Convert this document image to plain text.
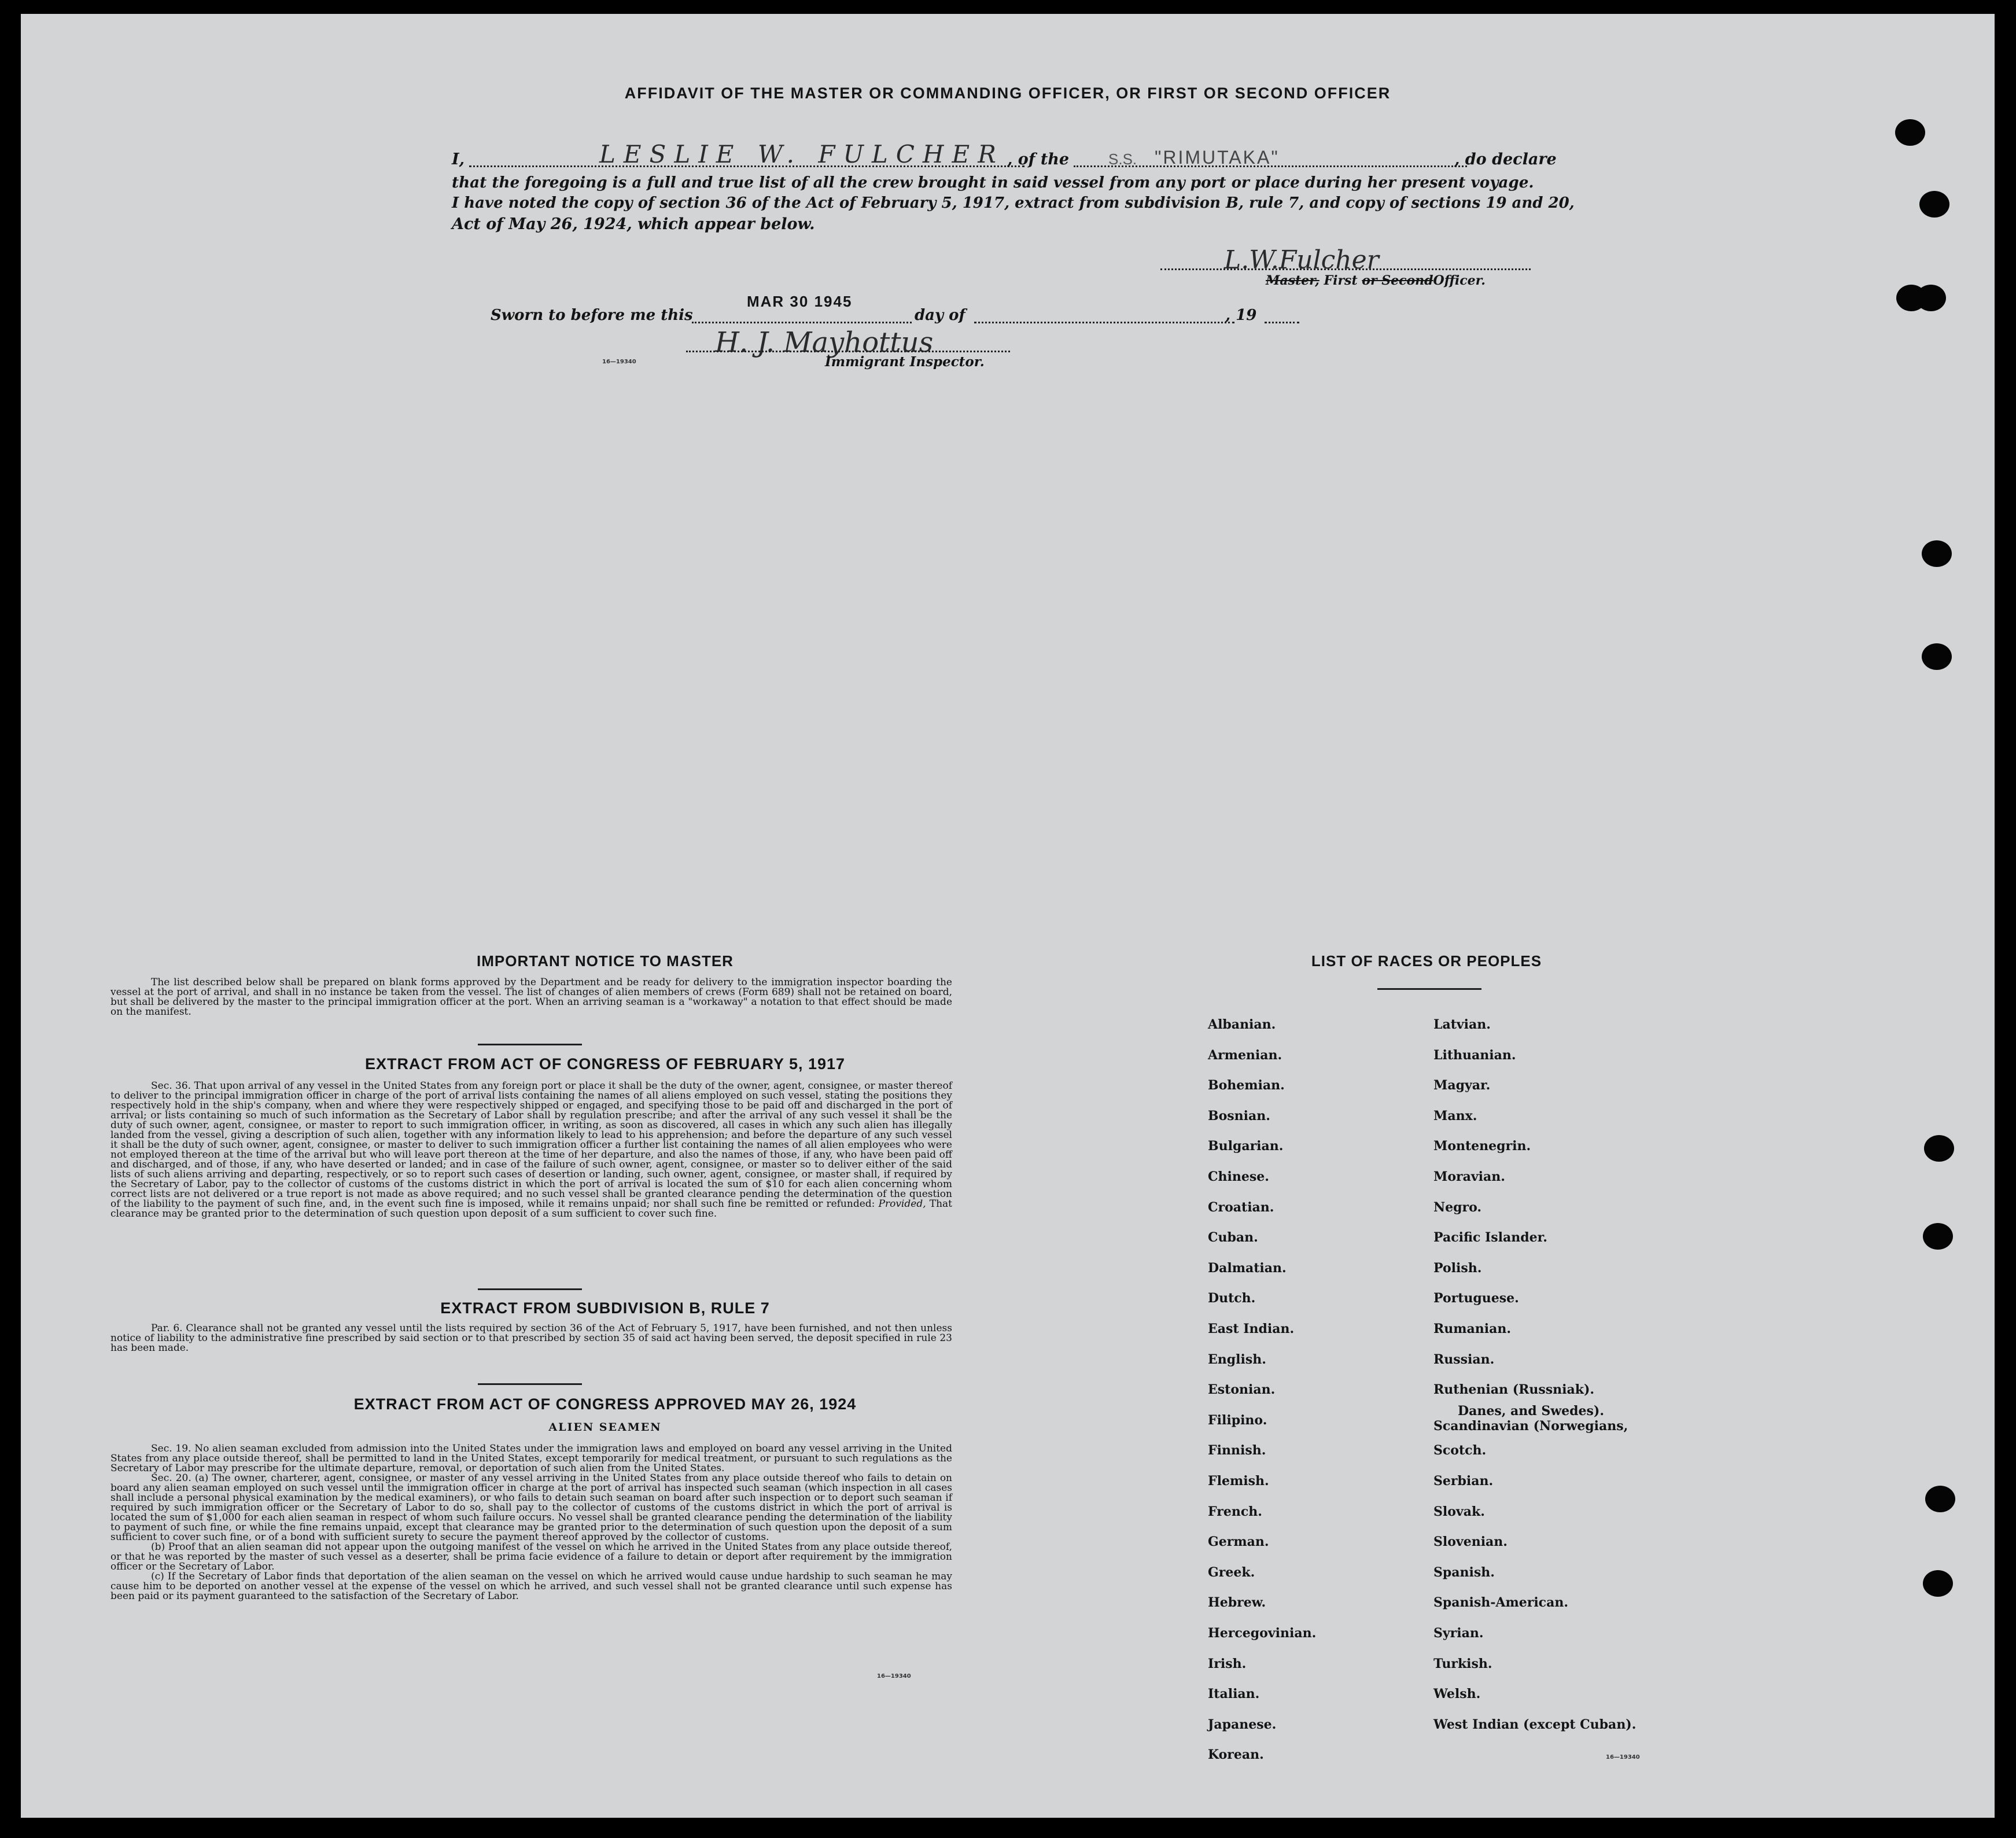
AFFIDAVIT OF THE MASTER OR COMMANDING OFFICER, OR FIRST OR SECOND OFFICER
I,	LESLIE W. FULCHER , of the	S.S. "RIMUTAKA"	, do declare
that the foregoing is a full and true list of all the crew brought in said vessel from any port or place during her present voyage.
I have noted the copy of section 36 of the Act of February 5, 1917, extract from subdivision B, rule 7, and copy of sections 19 and 20,
Act of May 26, 1924, which appear below.
L.W.Fulcher
Master, First or SecondOfficer.
Sworn to before me this
MAR 30 1945
day of	, 19
16—19340
H. J. Mayhottus
Immigrant Inspector.
IMPORTANT NOTICE TO MASTER

The list described below shall be prepared on blank forms approved by the Department and be ready for delivery to the immigration inspector boarding the vessel at the port of arrival, and shall in no instance be taken from the vessel. The list of changes of alien members of crews (Form 689) shall not be retained on board, but shall be delivered by the master to the principal immigration officer at the port. When an arriving seaman is a "workaway" a notation to that effect should be made on the manifest.

EXTRACT FROM ACT OF CONGRESS OF FEBRUARY 5, 1917

Sec. 36. That upon arrival of any vessel in the United States from any foreign port or place it shall be the duty of the owner, agent, consignee, or master thereof to deliver to the principal immigration officer in charge of the port of arrival lists containing the names of all aliens employed on such vessel, stating the positions they respectively hold in the ship's company, when and where they were respectively shipped or engaged, and specifying those to be paid off and discharged in the port of arrival; or lists containing so much of such information as the Secretary of Labor shall by regulation prescribe; and after the arrival of any such vessel it shall be the duty of such owner, agent, consignee, or master to report to such immigration officer, in writing, as soon as discovered, all cases in which any such alien has illegally landed from the vessel, giving a description of such alien, together with any information likely to lead to his apprehension; and before the departure of any such vessel it shall be the duty of such owner, agent, consignee, or master to deliver to such immigration officer a further list containing the names of all alien employees who were not employed thereon at the time of the arrival but who will leave port thereon at the time of her departure, and also the names of those, if any, who have been paid off and discharged, and of those, if any, who have deserted or landed; and in case of the failure of such owner, agent, consignee, or master so to deliver either of the said lists of such aliens arriving and departing, respectively, or so to report such cases of desertion or landing, such owner, agent, consignee, or master shall, if required by the Secretary of Labor, pay to the collector of customs of the customs district in which the port of arrival is located the sum of $10 for each alien concerning whom correct lists are not delivered or a true report is not made as above required; and no such vessel shall be granted clearance pending the determination of the question of the liability to the payment of such fine, and, in the event such fine is imposed, while it remains unpaid; nor shall such fine be remitted or refunded: Provided, That clearance may be granted prior to the determination of such question upon deposit of a sum sufficient to cover such fine.

EXTRACT FROM SUBDIVISION B, RULE 7

Par. 6. Clearance shall not be granted any vessel until the lists required by section 36 of the Act of February 5, 1917, have been furnished, and not then unless notice of liability to the administrative fine prescribed by said section or to that prescribed by section 35 of said act having been served, the deposit specified in rule 23 has been made.

EXTRACT FROM ACT OF CONGRESS APPROVED MAY 26, 1924
ALIEN SEAMEN

Sec. 19. No alien seaman excluded from admission into the United States under the immigration laws and employed on board any vessel arriving in the United States from any place outside thereof, shall be permitted to land in the United States, except temporarily for medical treatment, or pursuant to such regulations as the Secretary of Labor may prescribe for the ultimate departure, removal, or deportation of such alien from the United States.

Sec. 20. (a) The owner, charterer, agent, consignee, or master of any vessel arriving in the United States from any place outside thereof who fails to detain on board any alien seaman employed on such vessel until the immigration officer in charge at the port of arrival has inspected such seaman (which inspection in all cases shall include a personal physical examination by the medical examiners), or who fails to detain such seaman on board after such inspection or to deport such seaman if required by such immigration officer or the Secretary of Labor to do so, shall pay to the collector of customs of the customs district in which the port of arrival is located the sum of $1,000 for each alien seaman in respect of whom such failure occurs. No vessel shall be granted clearance pending the determination of the liability to payment of such fine, or while the fine remains unpaid, except that clearance may be granted prior to the determination of such question upon the deposit of a sum sufficient to cover such fine, or of a bond with sufficient surety to secure the payment thereof approved by the collector of customs.

(b) Proof that an alien seaman did not appear upon the outgoing manifest of the vessel on which he arrived in the United States from any place outside thereof, or that he was reported by the master of such vessel as a deserter, shall be prima facie evidence of a failure to detain or deport after requirement by the immigration officer or the Secretary of Labor.

(c) If the Secretary of Labor finds that deportation of the alien seaman on the vessel on which he arrived would cause undue hardship to such seaman he may cause him to be deported on another vessel at the expense of the vessel on which he arrived, and such vessel shall not be granted clearance until such expense has been paid or its payment guaranteed to the satisfaction of the Secretary of Labor.

16—19340
LIST OF RACES OR PEOPLES
Albanian.
Armenian.
Bohemian.
Bosnian.
Bulgarian.
Chinese.
Croatian.
Cuban.
Dalmatian.
Dutch.
East Indian.
English.
Estonian.
Filipino.
Finnish.
Flemish.
French.
German.
Greek.
Hebrew.
Hercegovinian.
Irish.
Italian.
Japanese.
Korean.
Latvian.
Lithuanian.
Magyar.
Manx.
Montenegrin.
Moravian.
Negro.
Pacific Islander.
Polish.
Portuguese.
Rumanian.
Russian.
Ruthenian (Russniak).
Scandinavian (Norwegians,
Danes, and Swedes).
Scotch.
Serbian.
Slovak.
Slovenian.
Spanish.
Spanish-American.
Syrian.
Turkish.
Welsh.
West Indian (except Cuban).
16—19340
